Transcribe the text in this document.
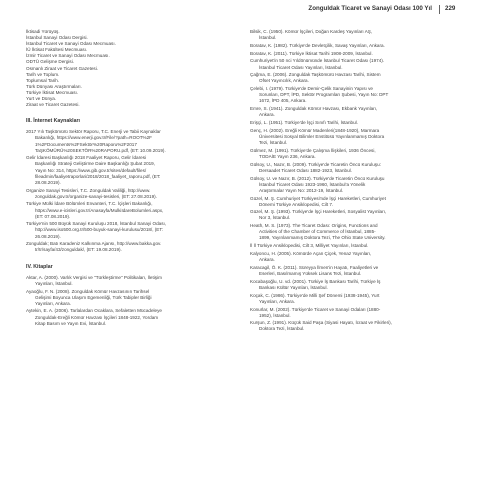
Zonguldak Ticaret ve Sanayi Odası 100 Yıl 229
İktisadi Yürüyüş.
İstanbul Sanayi Odası Dergisi.
İstanbul Ticaret ve Sanayi Odası Mecmuası.
İÜ İktisat Fakültesi Mecmuası.
İzmir Ticaret ve Sanayi Odası Mecmuası.
ODTÜ Gelişme Dergisi.
Osmanlı Ziraat ve Ticaret Gazetesi.
Tarih ve Toplum.
Toplumsal Tarih.
Türk Dünyası Araştırmaları.
Türkiye İktisat Mecmuası.
Yurt ve Dünya.
Ziraat ve Ticaret Gazetesi.
III. İnternet Kaynakları
2017 Yılı Taşkömürü Sektör Raporu, T.C. Enerji ve Tabii Kaynaklar
Bakanlığı, https://www.enerji.gov.tr/File/?path=ROOT%2F
1%2FDocuments%2FSektör%20Raporu%2F2017
TaŞKÖMÜRÜ%20SEKTÖR%20RAPORU.pdf, (ET: 10.09.2019).
Gelir İdaresi Başkanlığı 2018 Faaliyet Raporu, Gelir İdaresi
Başkanlığı Strateji Geliştirme Daire Başkanlığı Şubat 2019,
Yayın No: 314, https://www.gib.gov.tr/sites/default/files/
fileadmin/faaliyetraporlari/2018/2018_faaliyet_raporu.pdf, (ET:
28.08.2019).
Organize Sanayi Tesisleri, T.C. Zonguldak Valiliği, http://www.
zonguldak.gov.tr/organize-sanayi-tesisleri, (ET: 27.08.2019).
Türkiye Mülki İdare Bölümleri Envanteri, T.C. İçişleri Bakanlığı,
https://www.e-icisleri.gov.tr/Anasayfa/MulkiIdareBolumleri.aspx,
(ET: 07.08.2019).
Türkiye'nin 500 Büyük Sanayi Kuruluşu 2018, İstanbul Sanayi Odası,
http://www.iso500.org.tr/500-buyuk-sanayi-kurulusu/2018/, (ET:
26.08.2019).
Zonguldak; Batı Karadeniz Kalkınma Ajansı, http://www.bakka.gov.
tr/tr/sayfa/43/zonguldak/, (ET: 19.08.2019).
IV. Kitaplar
Aktar, A. (2000). Varlık Vergisi ve "Türkleştirme" Politikaları, İletişim
Yayınları, İstanbul.
Ayaoğlu, F. N. (2008). Zonguldak Kömür Havzasının Tarihsel
Gelişimi Boyunca Ulaşım Egemenliği, Türk Tabipler Birliği
Yayınları, Ankara.
Aytekin, E. A. (2006). Tarlalardan Ocaklara, Sefaletten Mücadeleye
Zonguldak-Ereğli Kömür Havzası İşçileri 1848-1922, Yordam
Kitap Basım ve Yayın Evi, İstanbul.
Bilsik, C. (1950). Kömür İşçileri, Doğan Kardeş Yayınları AŞ,
İstanbul.
Boratav, K. (1982). Türkiye'de Devletçilik, Savaş Yayınları, Ankara.
Boratav, K. (2011). Türkiye İktisat Tarihi 1908-2009, İstanbul.
Cumhuriyet'in 50 nci Yıldönümünde İstanbul Ticaret Odası (1974).
İstanbul Ticaret Odası Yayınları, İstanbul.
Çağma, E. (2006). Zonguldak Taşkömürü Havzası Tarihi, Sistem
Ofset Yayıncılık, Ankara.
Çelebi, I. (1979). Türkiye'de Demir-Çelik Sanayinin Yapısı ve
Sorunları, DPT, İPD, Sektör Programları Şubesi, Yayın No: DPT
1672, İPD 405, Ankara.
Emre, S. (1941). Zonguldak Kömür Havzası, Ekbank Yayınları,
Ankara.
Erişçi, L. (1951). Türkiye'de İşçi Sınıfı Tarihi, İstanbul.
Genç, H. (2002). Ereğli Kömür Madenleri(1848-1920), Marmara
Üniversitesi Sosyal Bilimler Enstitüsü Yayınlanmamış Doktora
Tezi, İstanbul.
Gülmez, M. (1991). Türkiye'de Çalışma İlişkileri, 1936 Öncesi,
TODAİE Yayın 236, Ankara.
Gülsoy, U., Nazır, B. (2009). Türkiye'de Ticaretin Öncü Kuruluşu:
Dersaadet Ticaret Odası 1882-1923, İstanbul.
Gülsoy, U. ve Nazır, B. (2012). Türkiye'de Ticaretin Öncü Kuruluşu
İstanbul Ticaret Odası 1923-1960, İstanbul'a Yönelik
Araştırmalar Yayın No: 2012-19, İstanbul.
Güzel, M. Ş. Cumhuriyet Türkiyesi'nde İşçi Hareketleri, Cumhuriyet
Dönemi Türkiye Ansiklopedisi, Cilt 7.
Güzel, M. Ş. (1993). Türkiye'de İşçi Hareketleri, Sosyalist Yayınları,
Nor 3, İstanbul.
Heath, M. S. (1973). The Ticaret Odası: Origins, Functions and
Activities of the Chamber of Commerce of İstanbul, 1885-
1899, Yayınlanmamış Doktora Tezi, The Ohio State University.
İl İl Türkiye Ansiklopedisi, Cilt 3, Milliyet Yayınları, İstanbul.
Kalyoncu, H. (2005). Kömürde Açan Çiçek, Yenaz Yayınları,
Ankara.
Karacagil, Ö. K. (2011). Süreyya İlmen'in Hayatı, Faaliyetleri ve
Eserleri, Basılmamış Yüksek Lisans Tezi, İstanbul.
Kocabaşoğlu, U. vd. (2001). Türkiye İş Bankası Tarihi, Türkiye İş
Bankası Kültür Yayınları, İstanbul.
Koçak, C. (1986). Türkiye'de Milli Şef Dönemi (1938-1945), Yurt
Yayınları, Ankara.
Konurlar, M. (2002). Türkiye'de Ticaret ve Sanayi Odaları (1880-
1952), İstanbul.
Kurşun, Z. (1991). Küçük Said Paşa (Siyasi Hayatı, İcraat ve Fikirleri),
Doktora Tezi, İstanbul.
